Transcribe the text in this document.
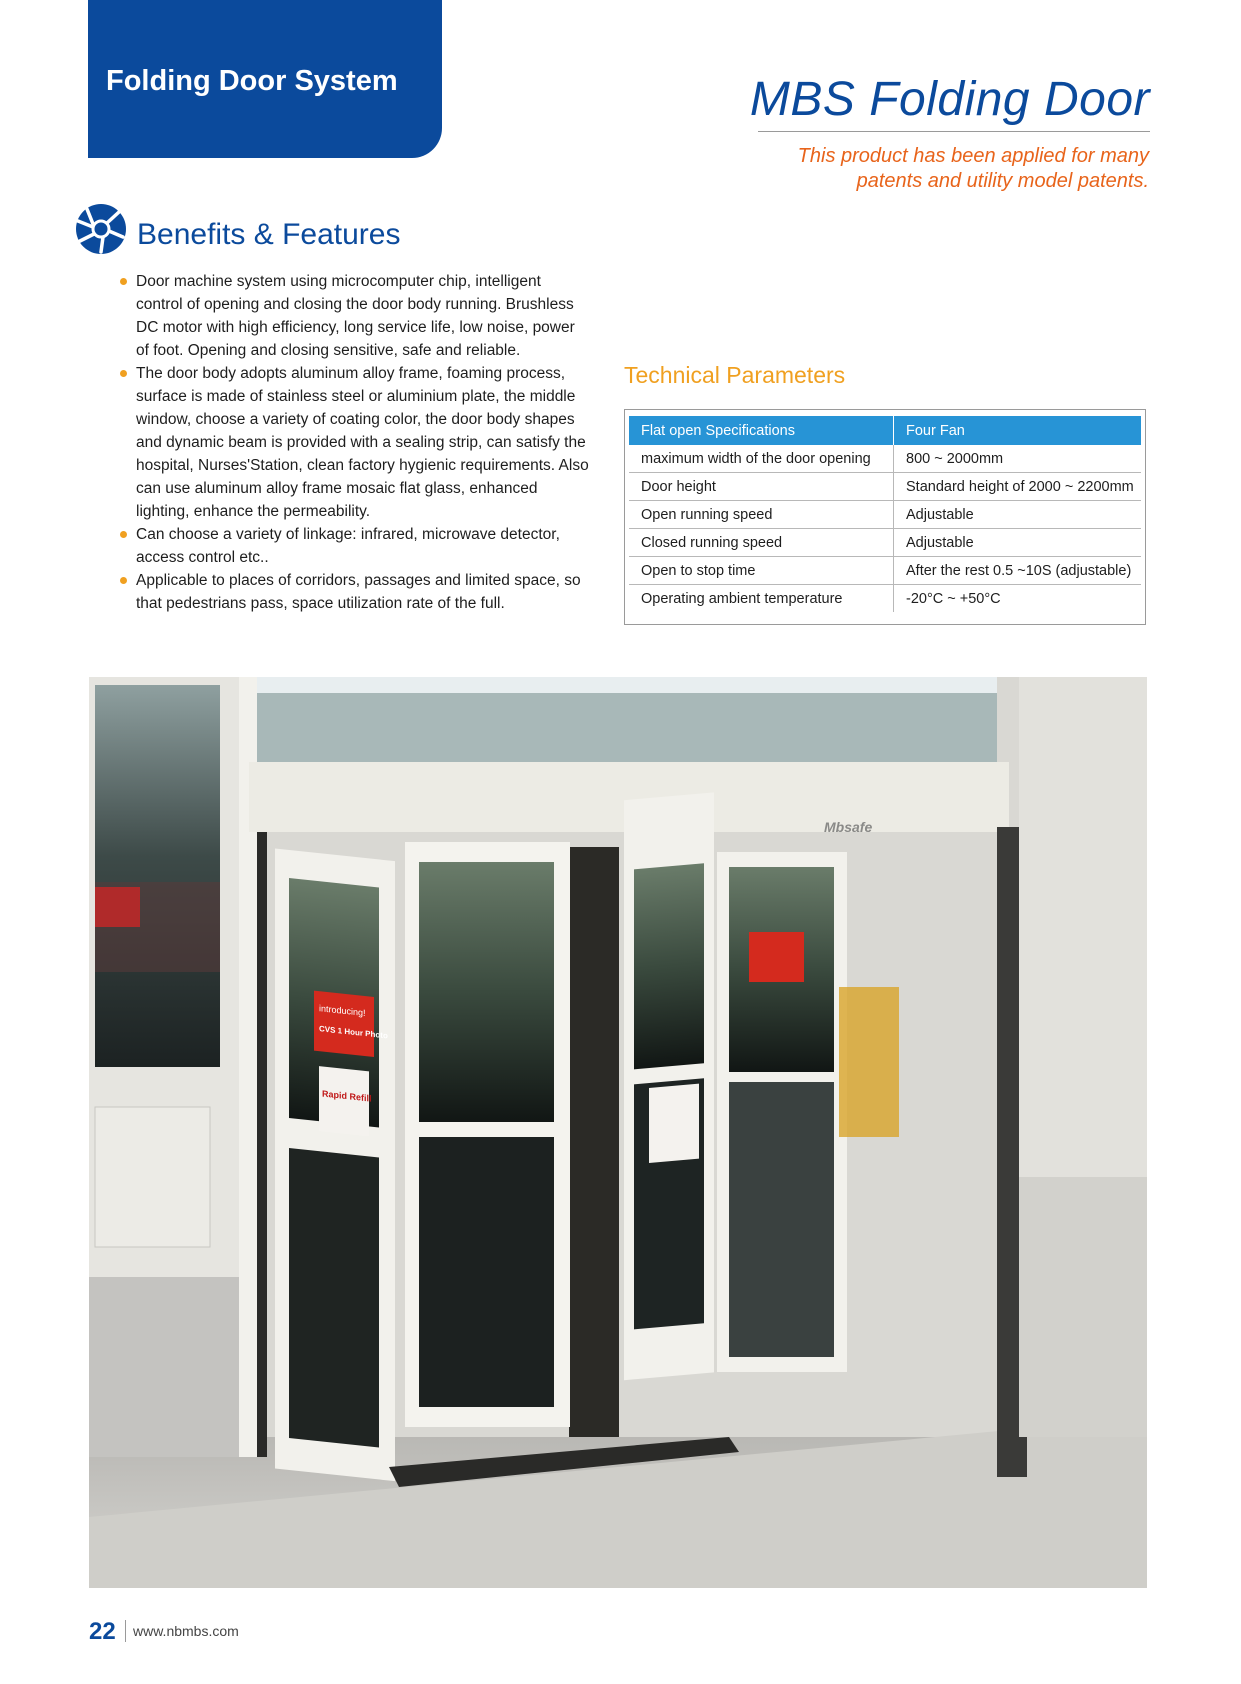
Folding Door System	MBS Folding Door
This product has been applied for many patents and utility model patents.
Benefits & Features
Door machine system using microcomputer chip, intelligent control of opening and closing the door body running. Brushless DC motor with high efficiency, long service life, low noise, power of foot. Opening and closing sensitive, safe and reliable.
The door body adopts aluminum alloy frame, foaming process, surface is made of stainless steel or aluminium plate, the middle window, choose a variety of coating color, the door body shapes and dynamic beam is provided with a sealing strip, can satisfy the hospital, Nurses'Station, clean factory hygienic requirements. Also can use aluminum alloy frame mosaic flat glass, enhanced lighting, enhance the permeability.
Can choose a variety of linkage: infrared, microwave detector, access control etc..
Applicable to places of corridors, passages and limited space, so that pedestrians pass, space utilization rate of the full.
Technical Parameters
Flat open Specifications	Four Fan
maximum width of the door opening	800 ~ 2000mm
Door height	Standard height of 2000 ~ 2200mm
Open running speed	Adjustable
Closed running speed	Adjustable
Open to stop time	After the rest 0.5 ~10S (adjustable)
Operating ambient temperature	-20°C ~ +50°C
Mbsafe
introducing!
CVS 1 Hour Photo
Rapid Refill
22 www.nbmbs.com
